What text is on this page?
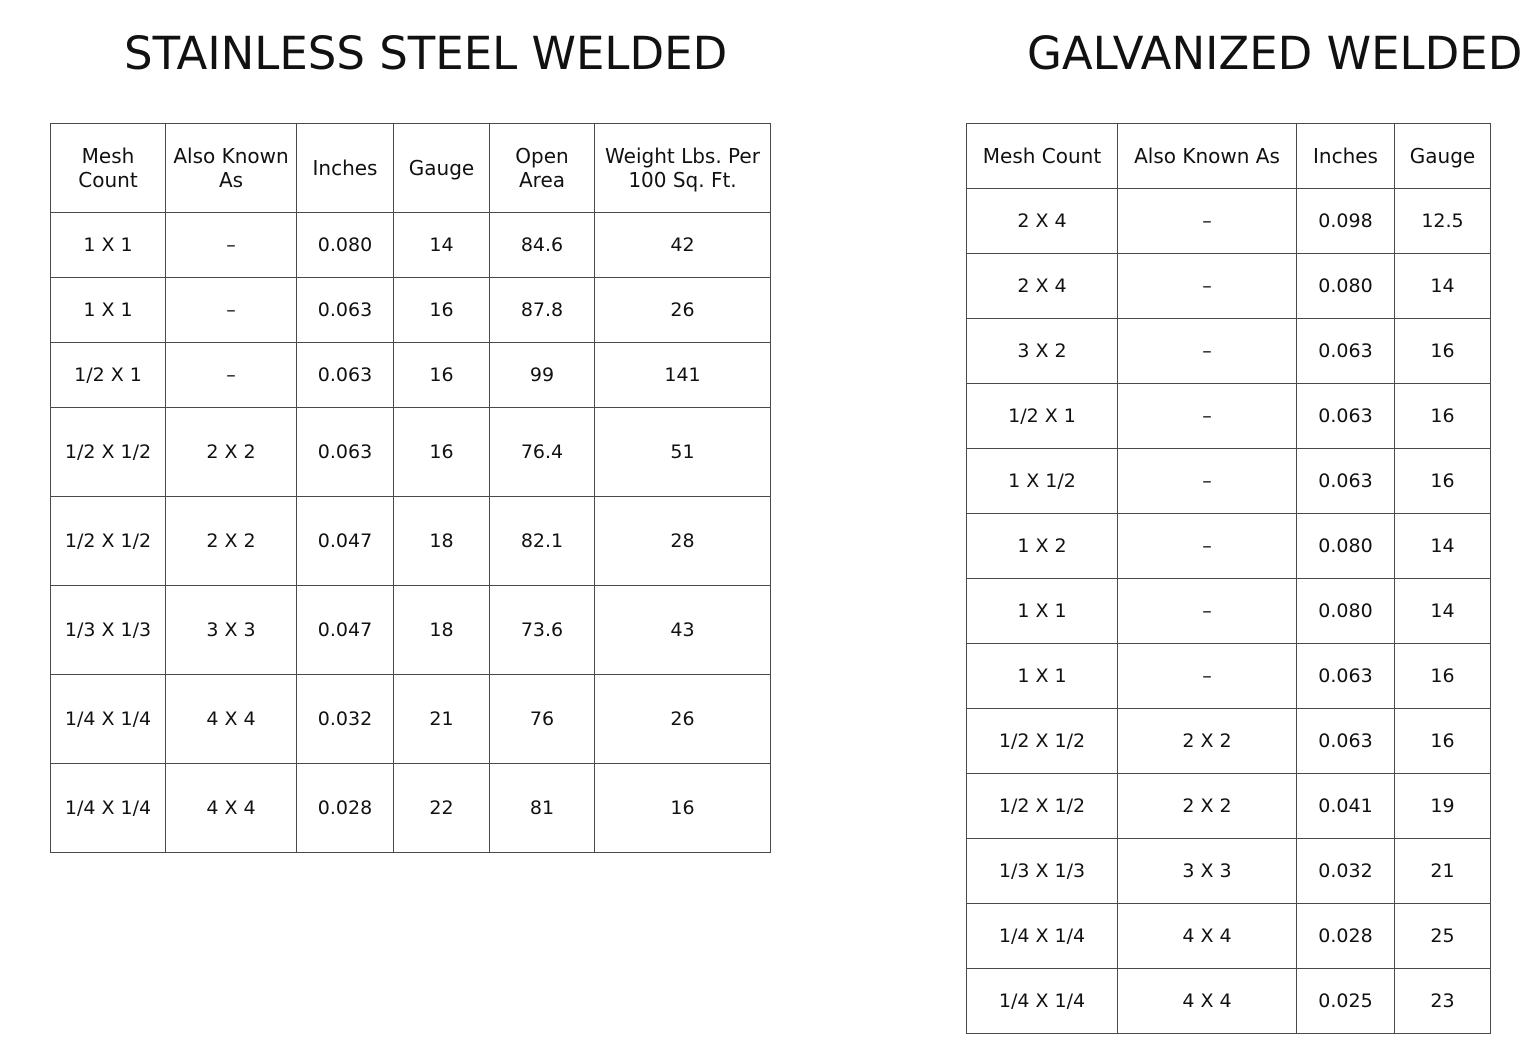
STAINLESS STEEL WELDED	GALVANIZED WELDED
Mesh Count	Also Known As	Inches	Gauge	Open Area	Weight Lbs. Per 100 Sq. Ft.
1 X 1	–	0.080	14	84.6	42
1 X 1	–	0.063	16	87.8	26
1/2 X 1	–	0.063	16	99	141
1/2 X 1/2	2 X 2	0.063	16	76.4	51
1/2 X 1/2	2 X 2	0.047	18	82.1	28
1/3 X 1/3	3 X 3	0.047	18	73.6	43
1/4 X 1/4	4 X 4	0.032	21	76	26
1/4 X 1/4	4 X 4	0.028	22	81	16
Mesh Count	Also Known As	Inches	Gauge
2 X 4	–	0.098	12.5
2 X 4	–	0.080	14
3 X 2	–	0.063	16
1/2 X 1	–	0.063	16
1 X 1/2	–	0.063	16
1 X 2	–	0.080	14
1 X 1	–	0.080	14
1 X 1	–	0.063	16
1/2 X 1/2	2 X 2	0.063	16
1/2 X 1/2	2 X 2	0.041	19
1/3 X 1/3	3 X 3	0.032	21
1/4 X 1/4	4 X 4	0.028	25
1/4 X 1/4	4 X 4	0.025	23
